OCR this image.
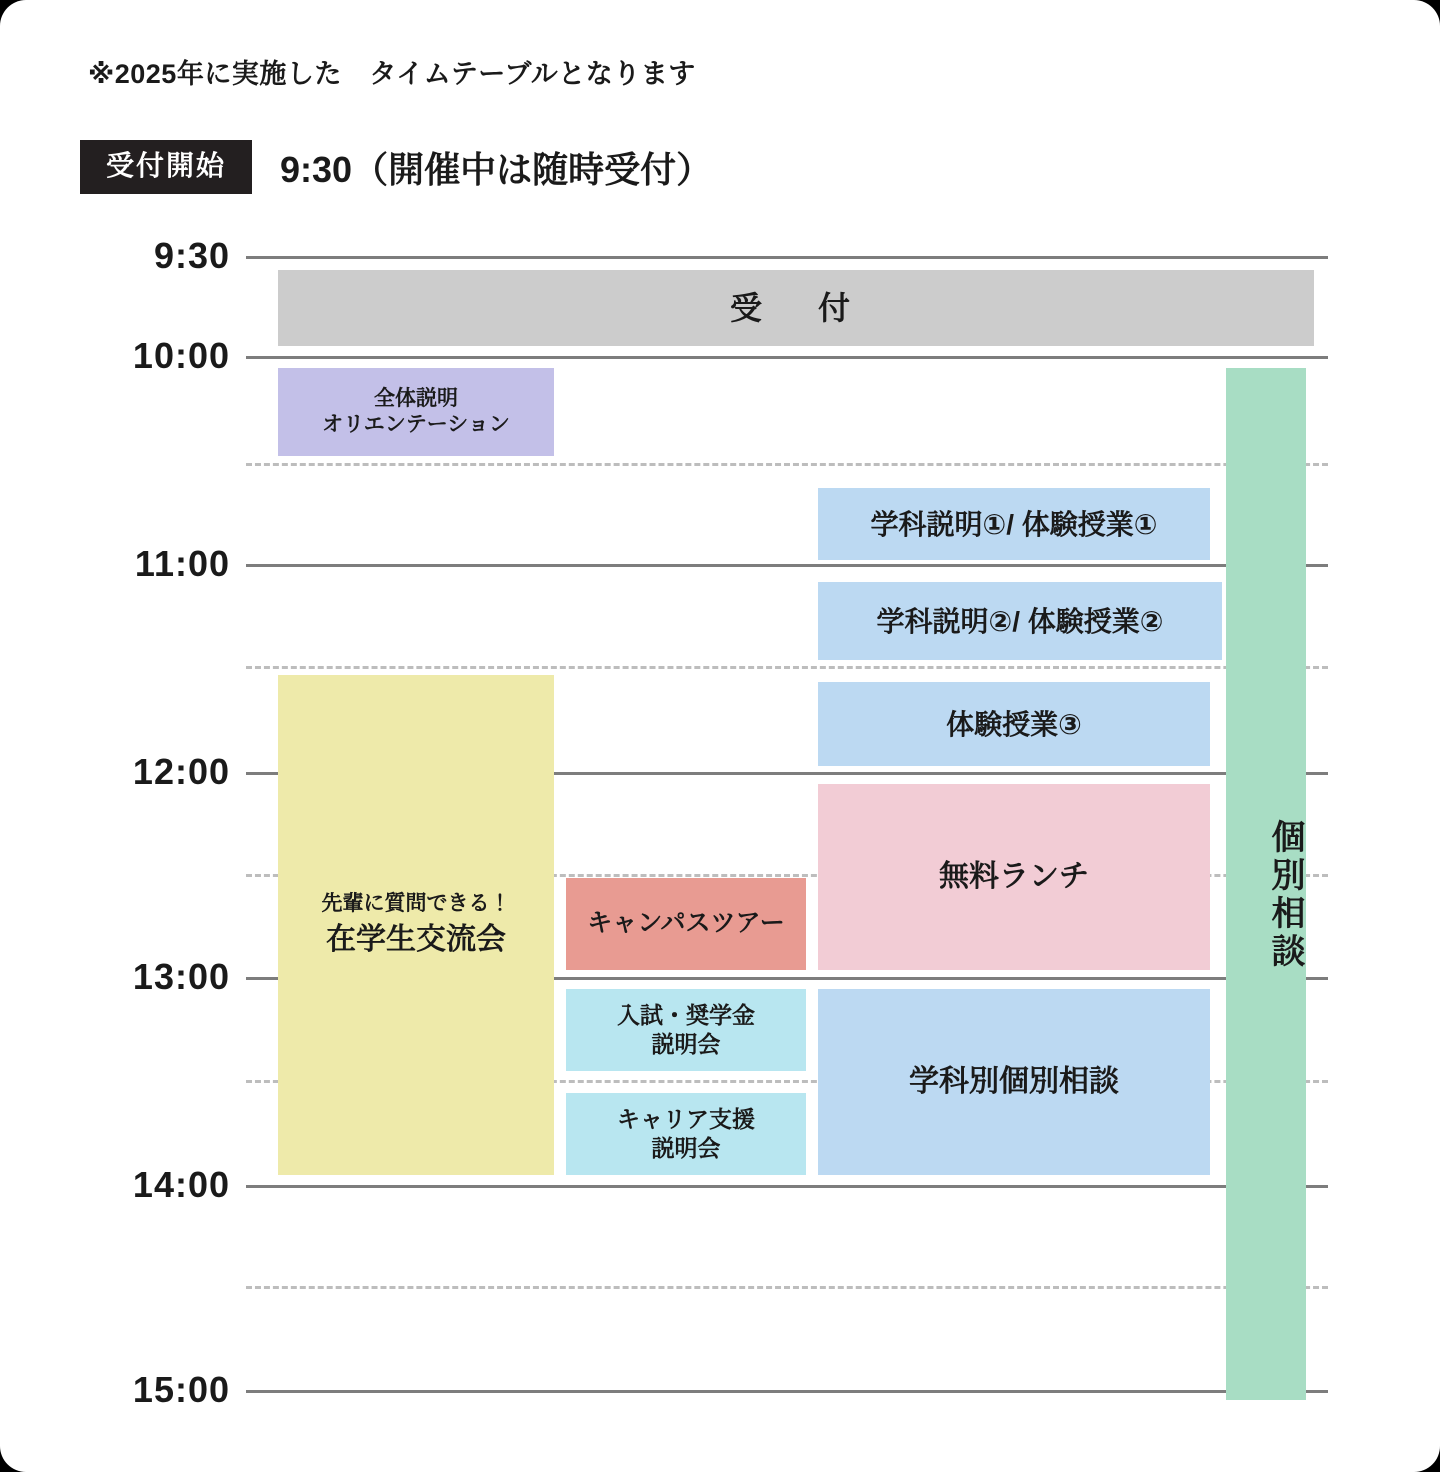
※2025年に実施した　タイムテーブルとなります
受付開始	9:30（開催中は随時受付）
9:30
10:00
11:00
12:00
13:00
14:00
15:00
受　付
全体説明
オリエンテーション
学科説明①/ 体験授業①
学科説明②/ 体験授業②
体験授業③
無料ランチ
先輩に質問できる！
在学生交流会	キャンパスツアー
入試・奨学金
説明会
キャリア支援
説明会
学科別個別相談
個別相談
